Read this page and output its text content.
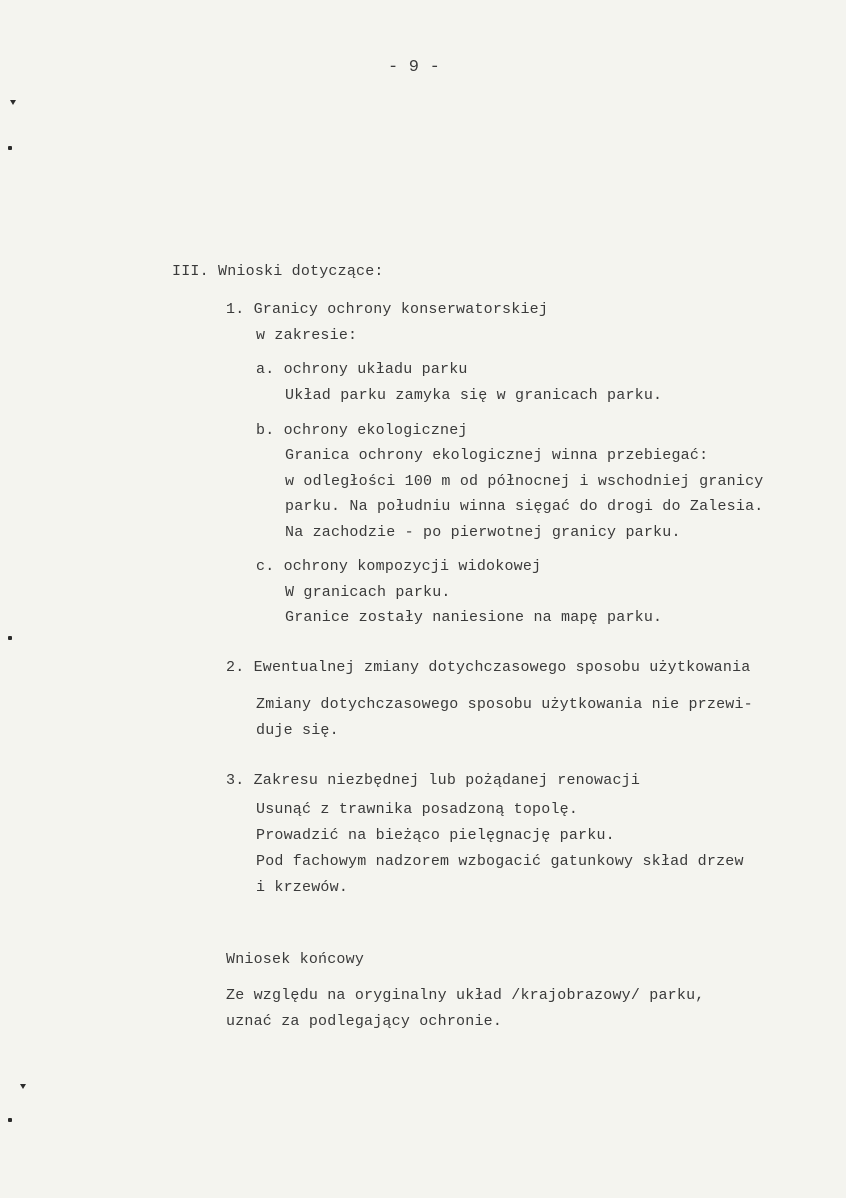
- 9 -
III. Wnioski dotyczące:
1. Granicy ochrony konserwatorskiej
w zakresie:
a. ochrony układu parku
Układ parku zamyka się w granicach parku.
b. ochrony ekologicznej
Granica ochrony ekologicznej winna przebiegać:
w odległości 100 m od północnej i wschodniej granicy
parku. Na południu winna sięgać do drogi do Zalesia.
Na zachodzie - po pierwotnej granicy parku.
c. ochrony kompozycji widokowej
W granicach parku.
Granice zostały naniesione na mapę parku.
2. Ewentualnej zmiany dotychczasowego sposobu użytkowania
Zmiany dotychczasowego sposobu użytkowania nie przewi-
duje się.
3. Zakresu niezbędnej lub pożądanej renowacji
Usunąć z trawnika posadzoną topolę.
Prowadzić na bieżąco pielęgnację parku.
Pod fachowym nadzorem wzbogacić gatunkowy skład drzew
i krzewów.
Wniosek końcowy
Ze względu na oryginalny układ /krajobrazowy/ parku,
uznać za podlegający ochronie.
